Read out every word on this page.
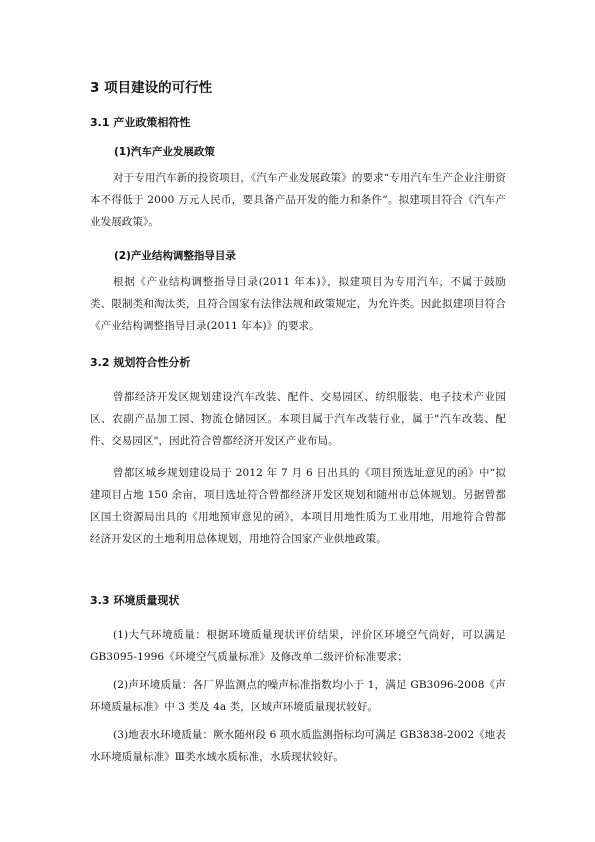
3 项目建设的可行性
3.1 产业政策相符性
(1)汽车产业发展政策

对于专用汽车新的投资项目，《汽车产业发展政策》的要求“专用汽车生产企业注册资本不得低于 2000 万元人民币，要具备产品开发的能力和条件”。拟建项目符合《汽车产业发展政策》。

(2)产业结构调整指导目录

根据《产业结构调整指导目录(2011 年本)》，拟建项目为专用汽车，不属于鼓励类、限制类和淘汰类，且符合国家有法律法规和政策规定，为允许类。因此拟建项目符合《产业结构调整指导目录(2011 年本)》的要求。

3.2 规划符合性分析

曾都经济开发区规划建设汽车改装、配件、交易园区、纺织服装、电子技术产业园区、农副产品加工园、物流仓储园区。本项目属于汽车改装行业，属于"汽车改装、配件、交易园区"，因此符合曾都经济开发区产业布局。

曾都区城乡规划建设局于 2012 年 7 月 6 日出具的《项目预选址意见的函》中“拟建项目占地 150 余亩，项目选址符合曾都经济开发区规划和随州市总体规划。另据曾都区国土资源局出具的《用地预审意见的函》，本项目用地性质为工业用地，用地符合曾都经济开发区的土地利用总体规划，用地符合国家产业供地政策。

3.3 环境质量现状

(1)大气环境质量：根据环境质量现状评价结果，评价区环境空气尚好，可以满足 GB3095-1996《环境空气质量标准》及修改单二级评价标准要求；

(2)声环境质量：各厂界监测点的噪声标准指数均小于 1，满足 GB3096-2008《声环境质量标准》中 3 类及 4a 类，区域声环境质量现状较好。

(3)地表水环境质量：厥水随州段 6 项水质监测指标均可满足 GB3838-2002《地表水环境质量标准》Ⅲ类水域水质标准，水质现状较好。
